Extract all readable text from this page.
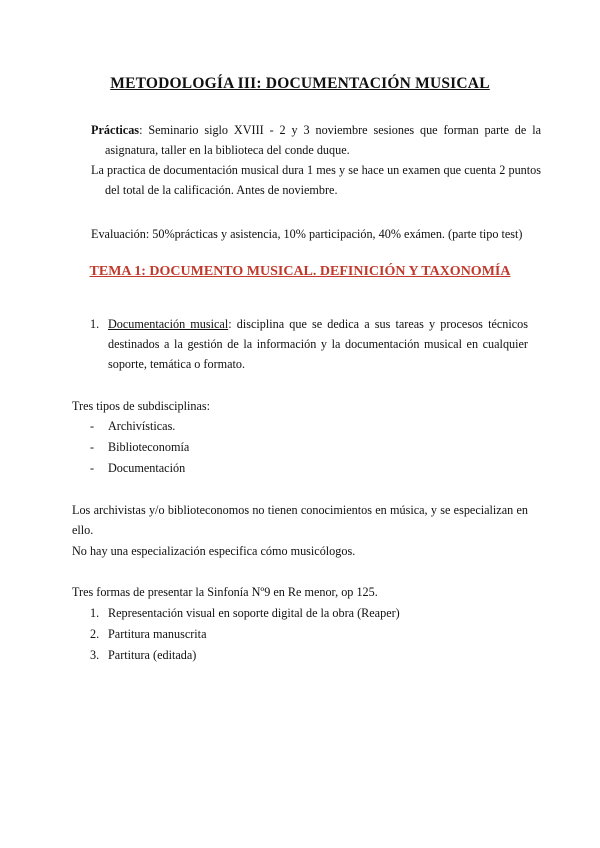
METODOLOGÍA III: DOCUMENTACIÓN MUSICAL
Prácticas: Seminario siglo XVIII - 2 y 3 noviembre sesiones que forman parte de la asignatura, taller en la biblioteca del conde duque.
La practica de documentación musical dura 1 mes y se hace un examen que cuenta 2 puntos del total de la calificación. Antes de noviembre.
Evaluación: 50%prácticas y asistencia, 10% participación, 40% exámen. (parte tipo test)
TEMA 1: DOCUMENTO MUSICAL. DEFINICIÓN Y TAXONOMÍA
1. Documentación musical: disciplina que se dedica a sus tareas y procesos técnicos destinados a la gestión de la información y la documentación musical en cualquier soporte, temática o formato.
Tres tipos de subdisciplinas:
- Archivísticas.
- Biblioteconomía
- Documentación
Los archivistas y/o biblioteconomos no tienen conocimientos en música, y se especializan en ello.
No hay una especialización especifica cómo musicólogos.
Tres formas de presentar la Sinfonía Nº9 en Re menor, op 125.
1. Representación visual en soporte digital de la obra (Reaper)
2. Partitura manuscrita
3. Partitura (editada)
